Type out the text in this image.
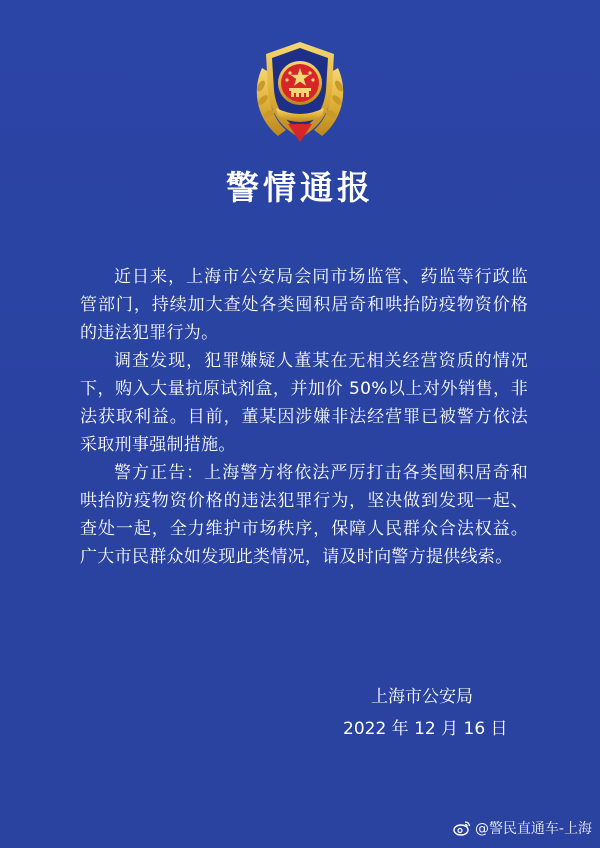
警情通报

近日来，上海市公安局会同市场监管、药监等行政监管部门，持续加大查处各类囤积居奇和哄抬防疫物资价格的违法犯罪行为。

调查发现，犯罪嫌疑人董某在无相关经营资质的情况下，购入大量抗原试剂盒，并加价 50%以上对外销售，非法获取利益。目前，董某因涉嫌非法经营罪已被警方依法采取刑事强制措施。

警方正告：上海警方将依法严厉打击各类囤积居奇和哄抬防疫物资价格的违法犯罪行为，坚决做到发现一起、查处一起，全力维护市场秩序，保障人民群众合法权益。广大市民群众如发现此类情况，请及时向警方提供线索。

上海市公安局
2022 年 12 月 16 日
@警民直通车-上海
